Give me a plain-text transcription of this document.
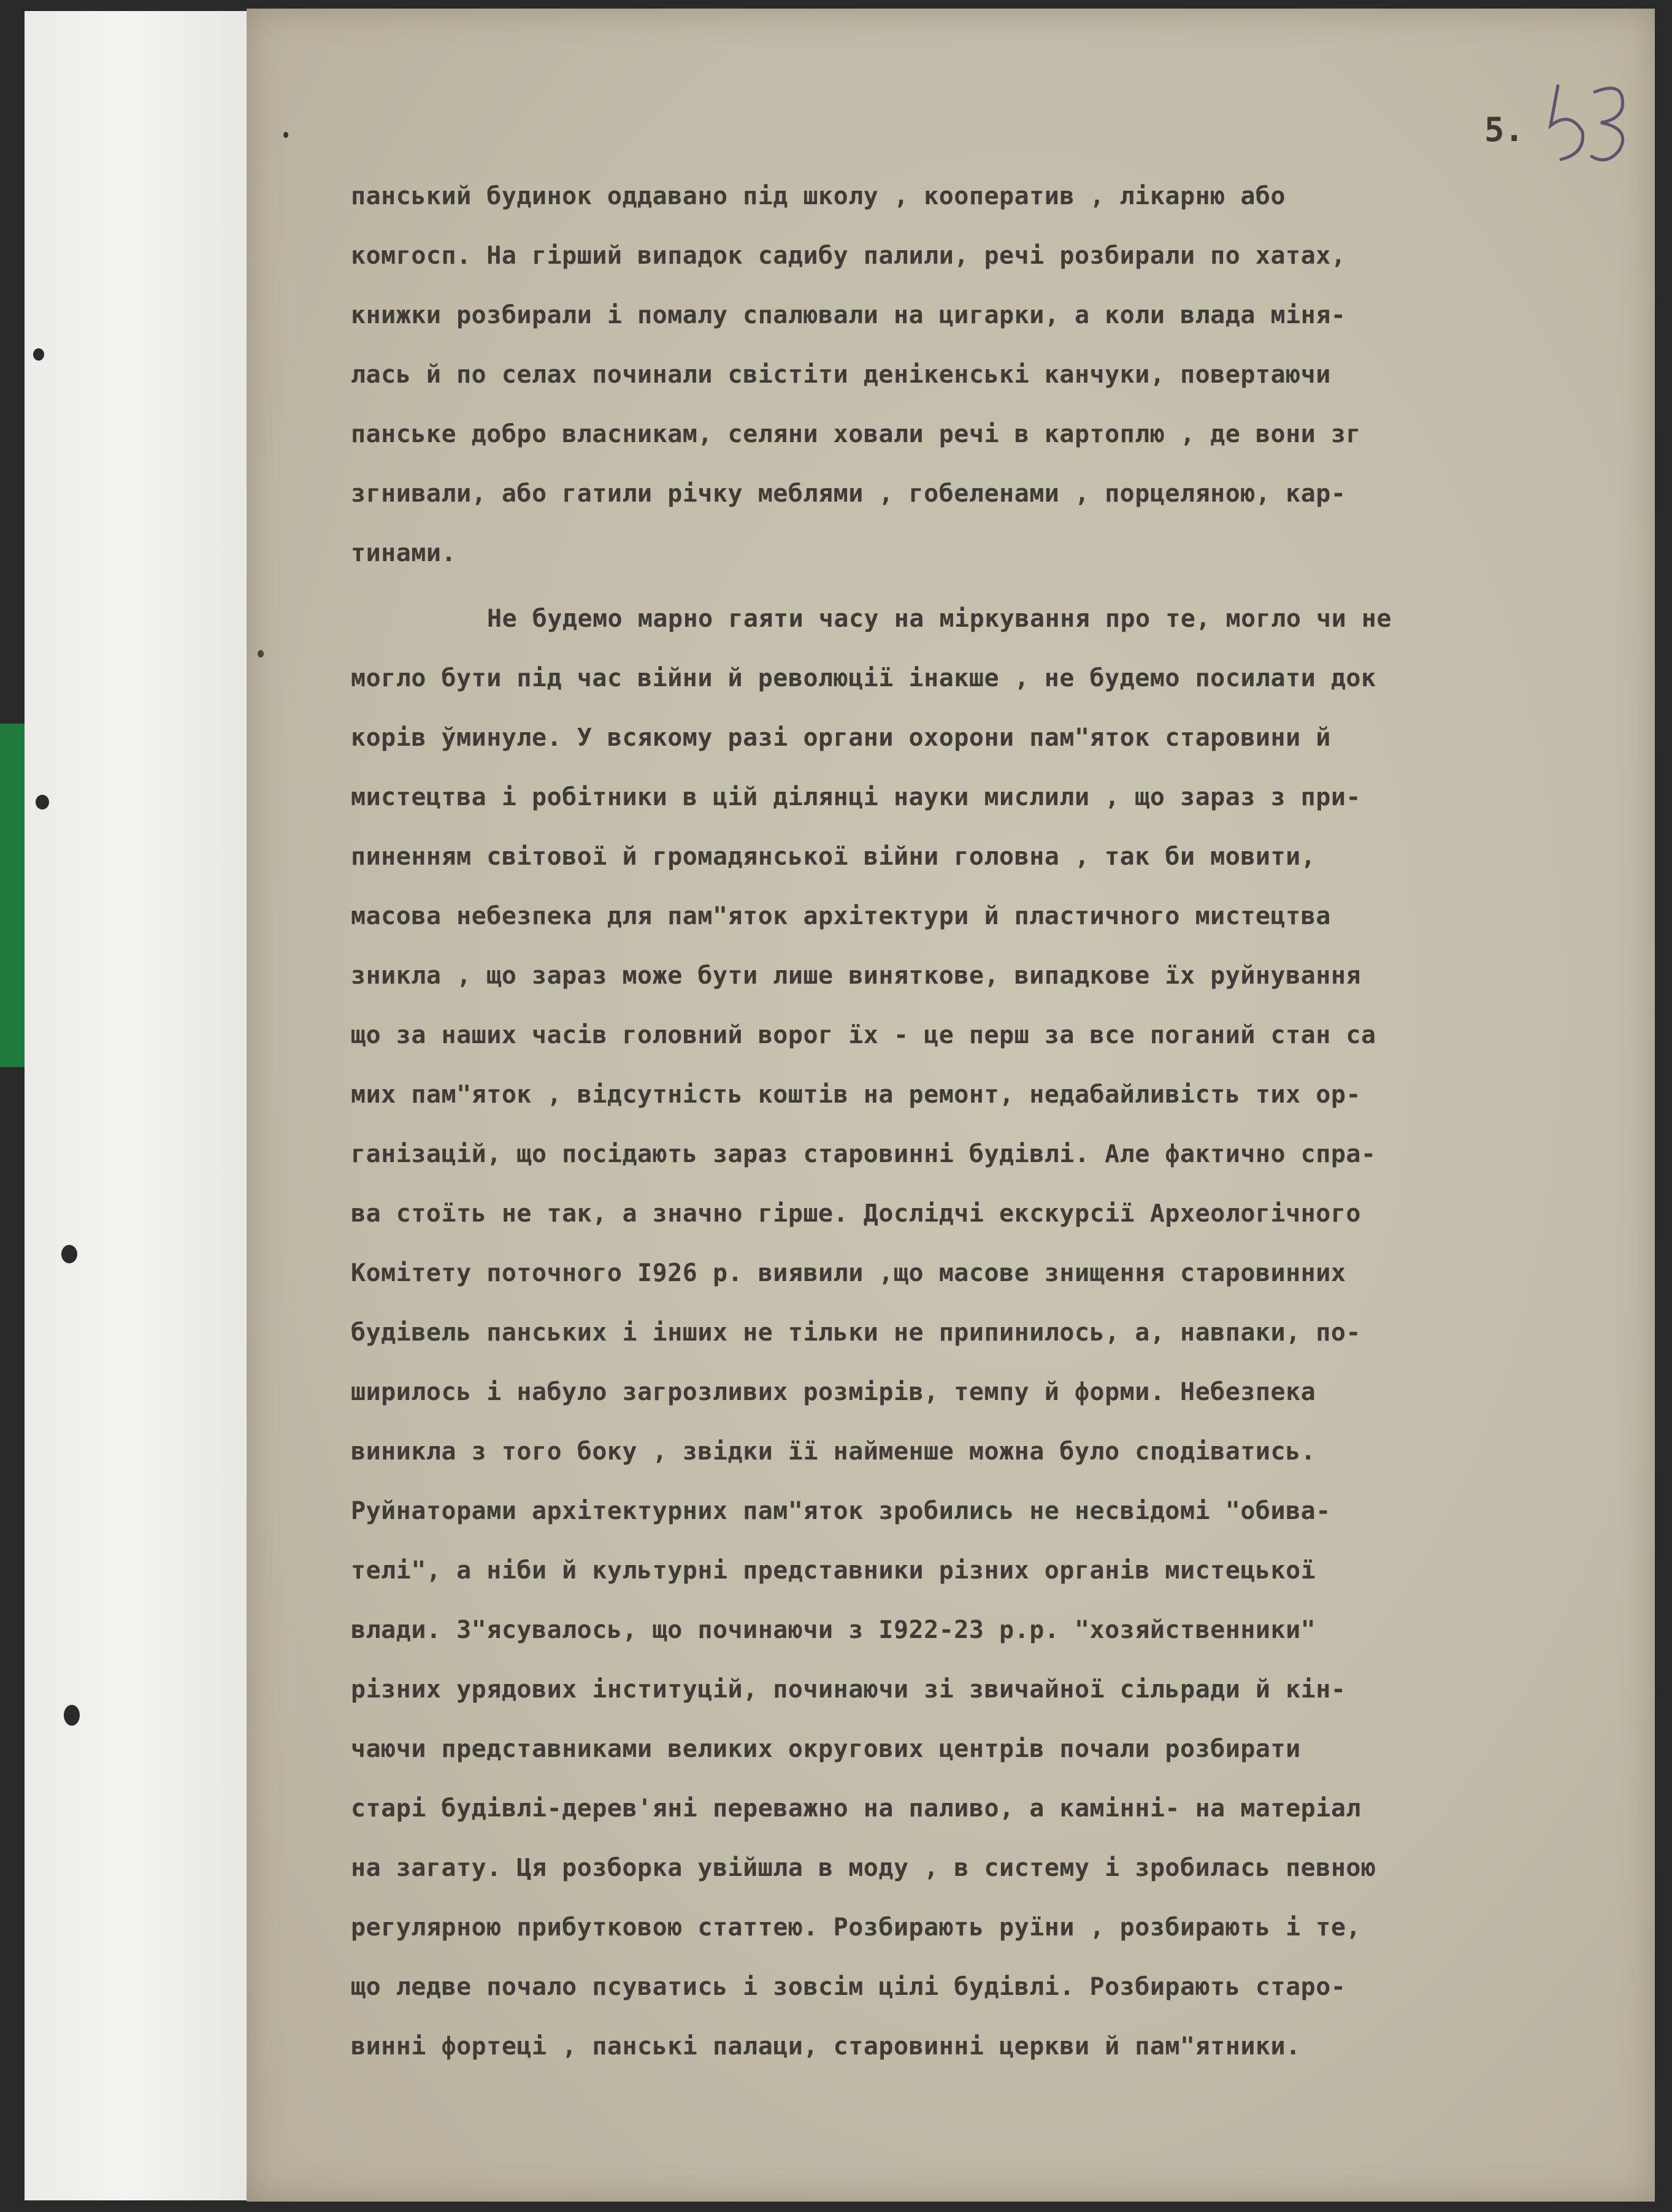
5.
панський будинок оддавано під школу , кооператив , лікарню або
комгосп. На гірший випадок садибу палили, речі розбирали по хатах,
книжки розбирали і помалу спалювали на цигарки, а коли влада міня-
лась й по селах починали свістіти денікенські канчуки, повертаючи
панське добро власникам, селяни ховали речі в картоплю , де вони зг
згнивали, або гатили річку меблями , гобеленами , порцеляною, кар-
тинами.
Не будемо марно гаяти часу на міркування про те, могло чи не
могло бути під час війни й революції інакше , не будемо посилати док
корів ўминуле. У всякому разі органи охорони пам"яток старовини й
мистецтва і робітники в цій ділянці науки мислили , що зараз з при-
пиненням світової й громадянської війни головна , так би мовити,
масова небезпека для пам"яток архітектури й пластичного мистецтва
зникла , що зараз може бути лише виняткове, випадкове їх руйнування
що за наших часів головний ворог їх - це перш за все поганий стан са
мих пам"яток , відсутність коштів на ремонт, недабайливість тих ор-
ганізацій, що посідають зараз старовинні будівлі. Але фактично спра-
ва стоїть не так, а значно гірше. Дослідчі екскурсії Археологічного
Комітету поточного І926 р. виявили ,що масове знищення старовинних
будівель панських і інших не тільки не припинилось, а, навпаки, по-
ширилось і набуло загрозливих розмірів, темпу й форми. Небезпека
виникла з того боку , звідки її найменше можна було сподіватись.
Руйнаторами архітектурних пам"яток зробились не несвідомі "обива-
телі", а ніби й культурні представники різних органів мистецької
влади. З"ясувалось, що починаючи з І922-23 р.р. "хозяйственники"
різних урядових інституцій, починаючи зі звичайної сільради й кін-
чаючи представниками великих округових центрів почали розбирати
старі будівлі-дерев'яні переважно на паливо, а камінні- на матеріал
на загату. Ця розборка увійшла в моду , в систему і зробилась певною
регулярною прибутковою статтею. Розбирають руїни , розбирають і те,
що ледве почало псуватись і зовсім цілі будівлі. Розбирають старо-
винні фортеці , панські палаци, старовинні церкви й пам"ятники.
